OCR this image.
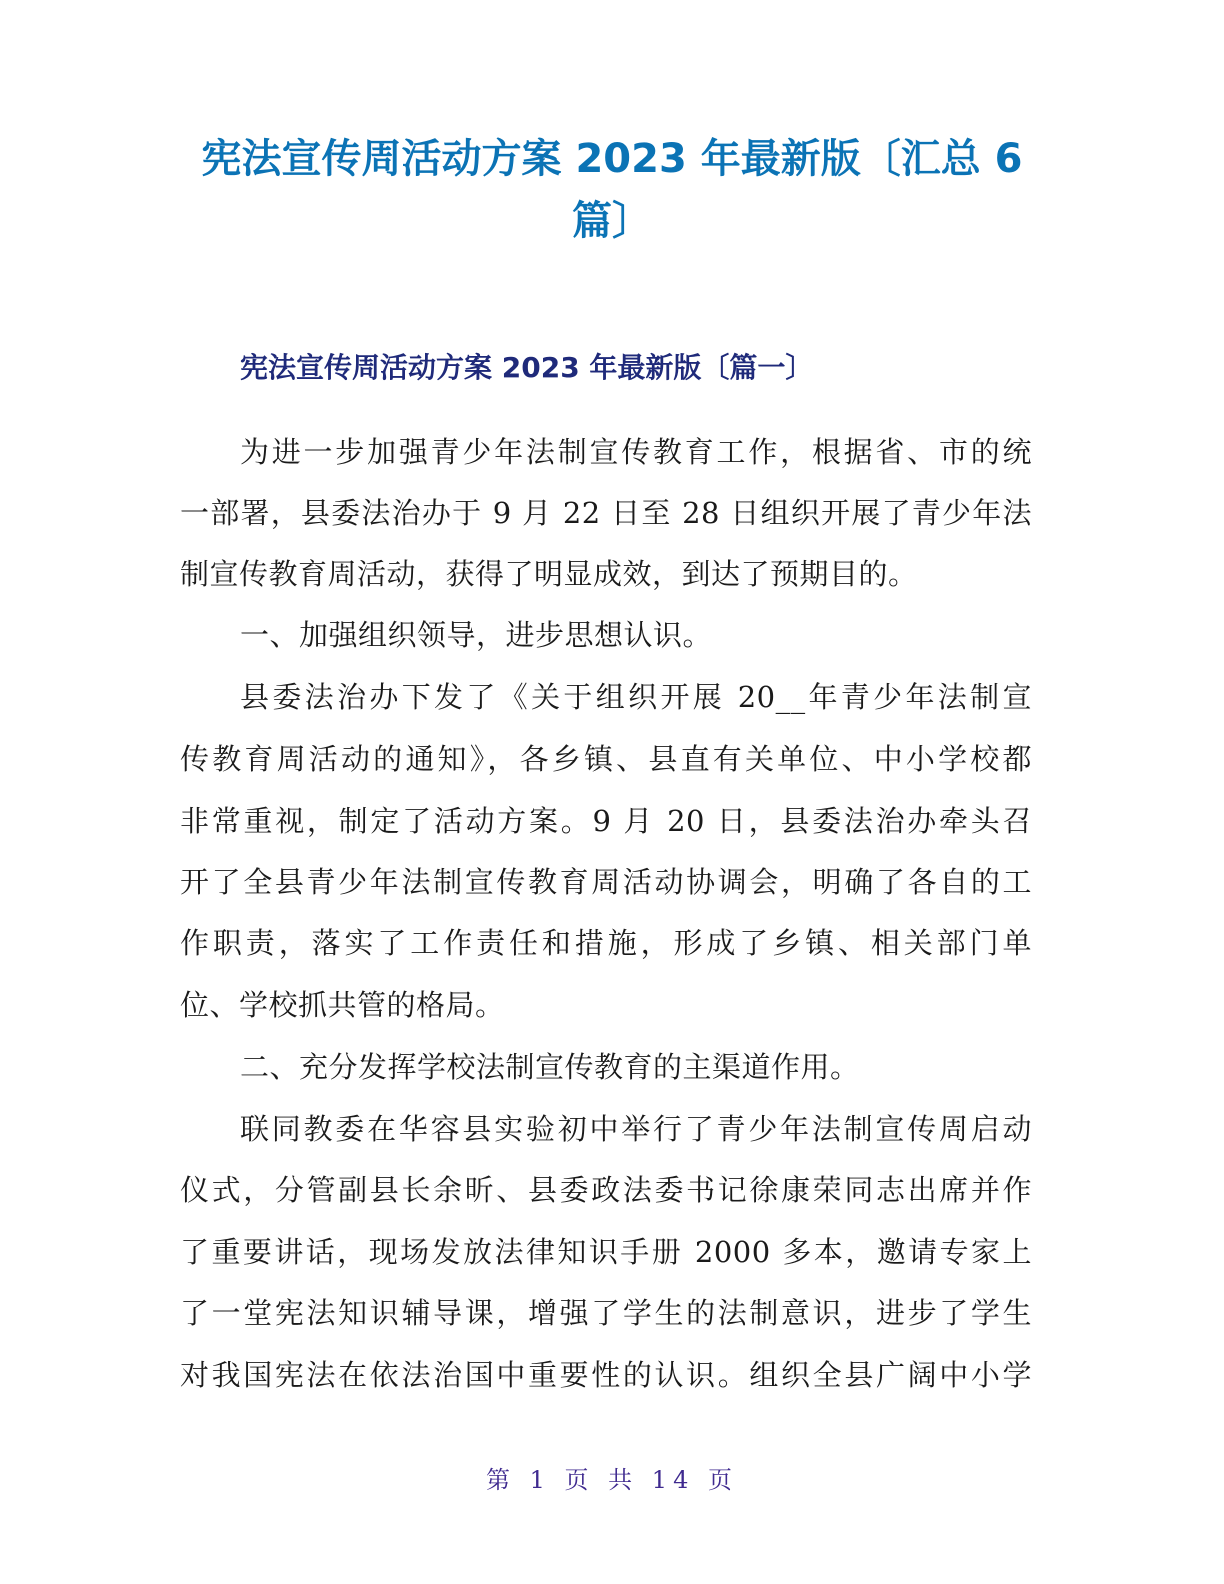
宪法宣传周活动方案 2023 年最新版〔汇总 6
篇〕
宪法宣传周活动方案 2023 年最新版〔篇一〕

为进一步加强青少年法制宣传教育工作，根据省、市的统

一部署，县委法治办于 9 月 22 日至 28 日组织开展了青少年法

制宣传教育周活动，获得了明显成效，到达了预期目的。

一、加强组织领导，进步思想认识。

县委法治办下发了《关于组织开展 20__年青少年法制宣

传教育周活动的通知》，各乡镇、县直有关单位、中小学校都

非常重视，制定了活动方案。9 月 20 日，县委法治办牵头召

开了全县青少年法制宣传教育周活动协调会，明确了各自的工

作职责，落实了工作责任和措施，形成了乡镇、相关部门单

位、学校抓共管的格局。

二、充分发挥学校法制宣传教育的主渠道作用。

联同教委在华容县实验初中举行了青少年法制宣传周启动

仪式，分管副县长余昕、县委政法委书记徐康荣同志出席并作

了重要讲话，现场发放法律知识手册 2000 多本，邀请专家上

了一堂宪法知识辅导课，增强了学生的法制意识，进步了学生

对我国宪法在依法治国中重要性的认识。组织全县广阔中小学

第 1 页 共 14 页
